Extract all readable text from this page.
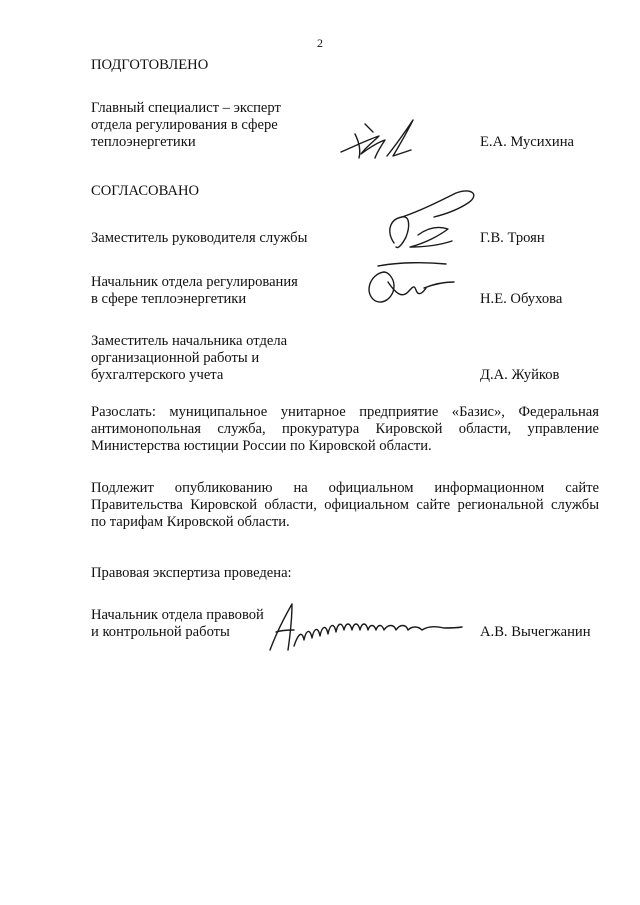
2
ПОДГОТОВЛЕНО
Главный специалист – эксперт
отдела регулирования в сфере
теплоэнергетики	Е.А. Мусихина
СОГЛАСОВАНО
Заместитель руководителя службы	Г.В. Троян
Начальник отдела регулирования
в сфере теплоэнергетики	Н.Е. Обухова
Заместитель начальника отдела
организационной работы и
бухгалтерского учета	Д.А. Жуйков
Разослать: муниципальное унитарное предприятие «Базис», Федеральная
антимонопольная служба, прокуратура Кировской области, управление
Министерства юстиции России по Кировской области.
Подлежит опубликованию на официальном информационном сайте
Правительства Кировской области, официальном сайте региональной службы
по тарифам Кировской области.
Правовая экспертиза проведена:
Начальник отдела правовой
и контрольной работы	А.В. Вычегжанин
